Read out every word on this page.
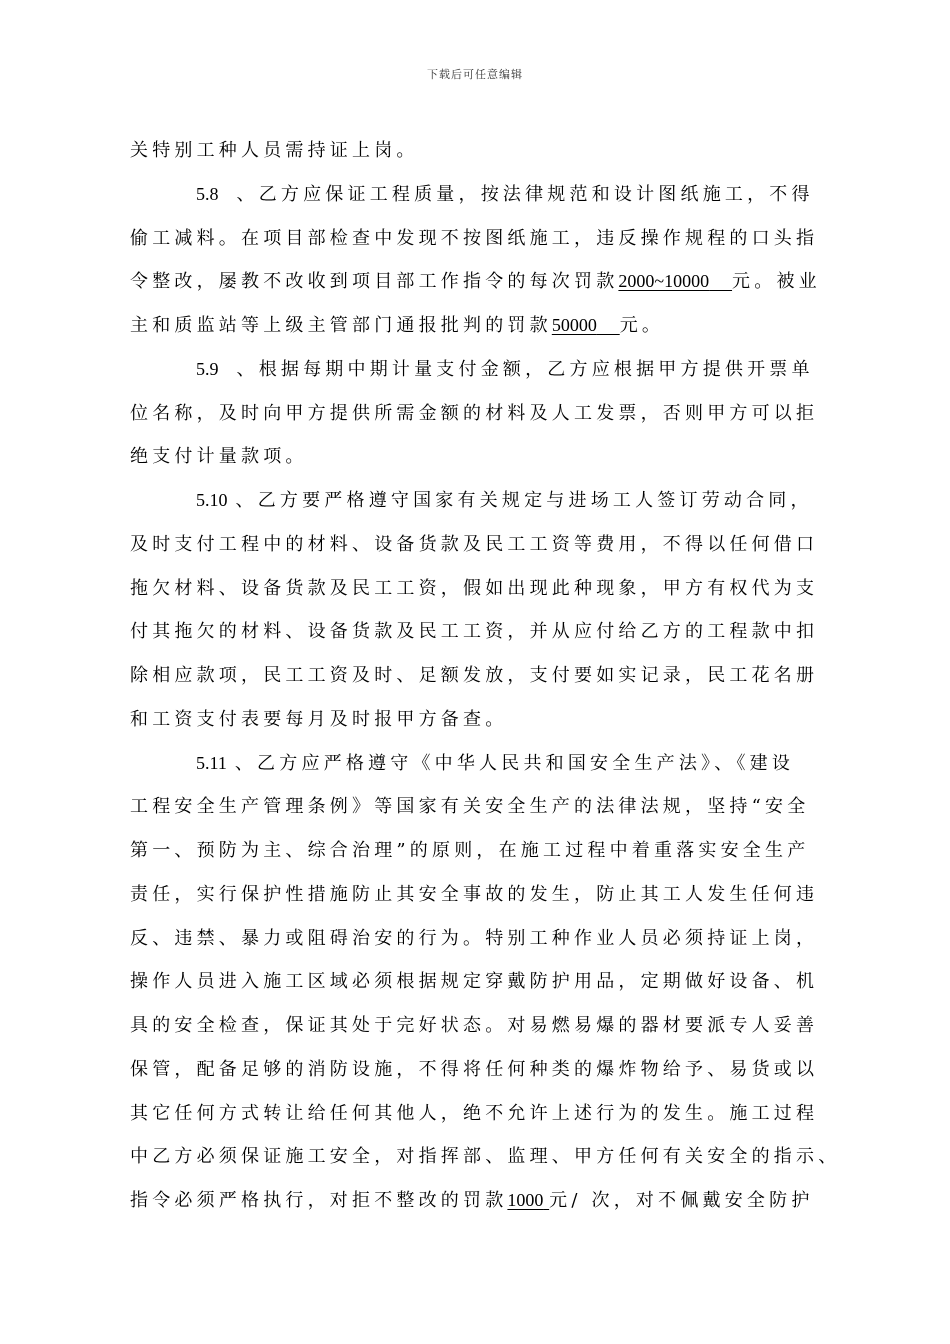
下载后可任意编辑
关特别工种人员需持证上岗。
5.8 、乙方应保证工程质量，按法律规范和设计图纸施工，不得
偷工减料。在项目部检查中发现不按图纸施工，违反操作规程的口头指
令整改，屡教不改收到项目部工作指令的每次罚款2000~10000 元。被业
主和质监站等上级主管部门通报批判的罚款50000 元。
5.9 、根据每期中期计量支付金额，乙方应根据甲方提供开票单
位名称，及时向甲方提供所需金额的材料及人工发票，否则甲方可以拒
绝支付计量款项。
5.10 、乙方要严格遵守国家有关规定与进场工人签订劳动合同，
及时支付工程中的材料、设备货款及民工工资等费用，不得以任何借口
拖欠材料、设备货款及民工工资，假如出现此种现象，甲方有权代为支
付其拖欠的材料、设备货款及民工工资，并从应付给乙方的工程款中扣
除相应款项，民工工资及时、足额发放，支付要如实记录，民工花名册
和工资支付表要每月及时报甲方备查。
5.11 、乙方应严格遵守《中华人民共和国安全生产法》、《建设
工程安全生产管理条例》等国家有关安全生产的法律法规，坚持“安全
第一、预防为主、综合治理”的原则，在施工过程中着重落实安全生产
责任，实行保护性措施防止其安全事故的发生，防止其工人发生任何违
反、违禁、暴力或阻碍治安的行为。特别工种作业人员必须持证上岗，
操作人员进入施工区域必须根据规定穿戴防护用品，定期做好设备、机
具的安全检查，保证其处于完好状态。对易燃易爆的器材要派专人妥善
保管，配备足够的消防设施，不得将任何种类的爆炸物给予、易货或以
其它任何方式转让给任何其他人，绝不允许上述行为的发生。施工过程
中乙方必须保证施工安全，对指挥部、监理、甲方任何有关安全的指示、
指令必须严格执行，对拒不整改的罚款1000 元/ 次，对不佩戴安全防护
